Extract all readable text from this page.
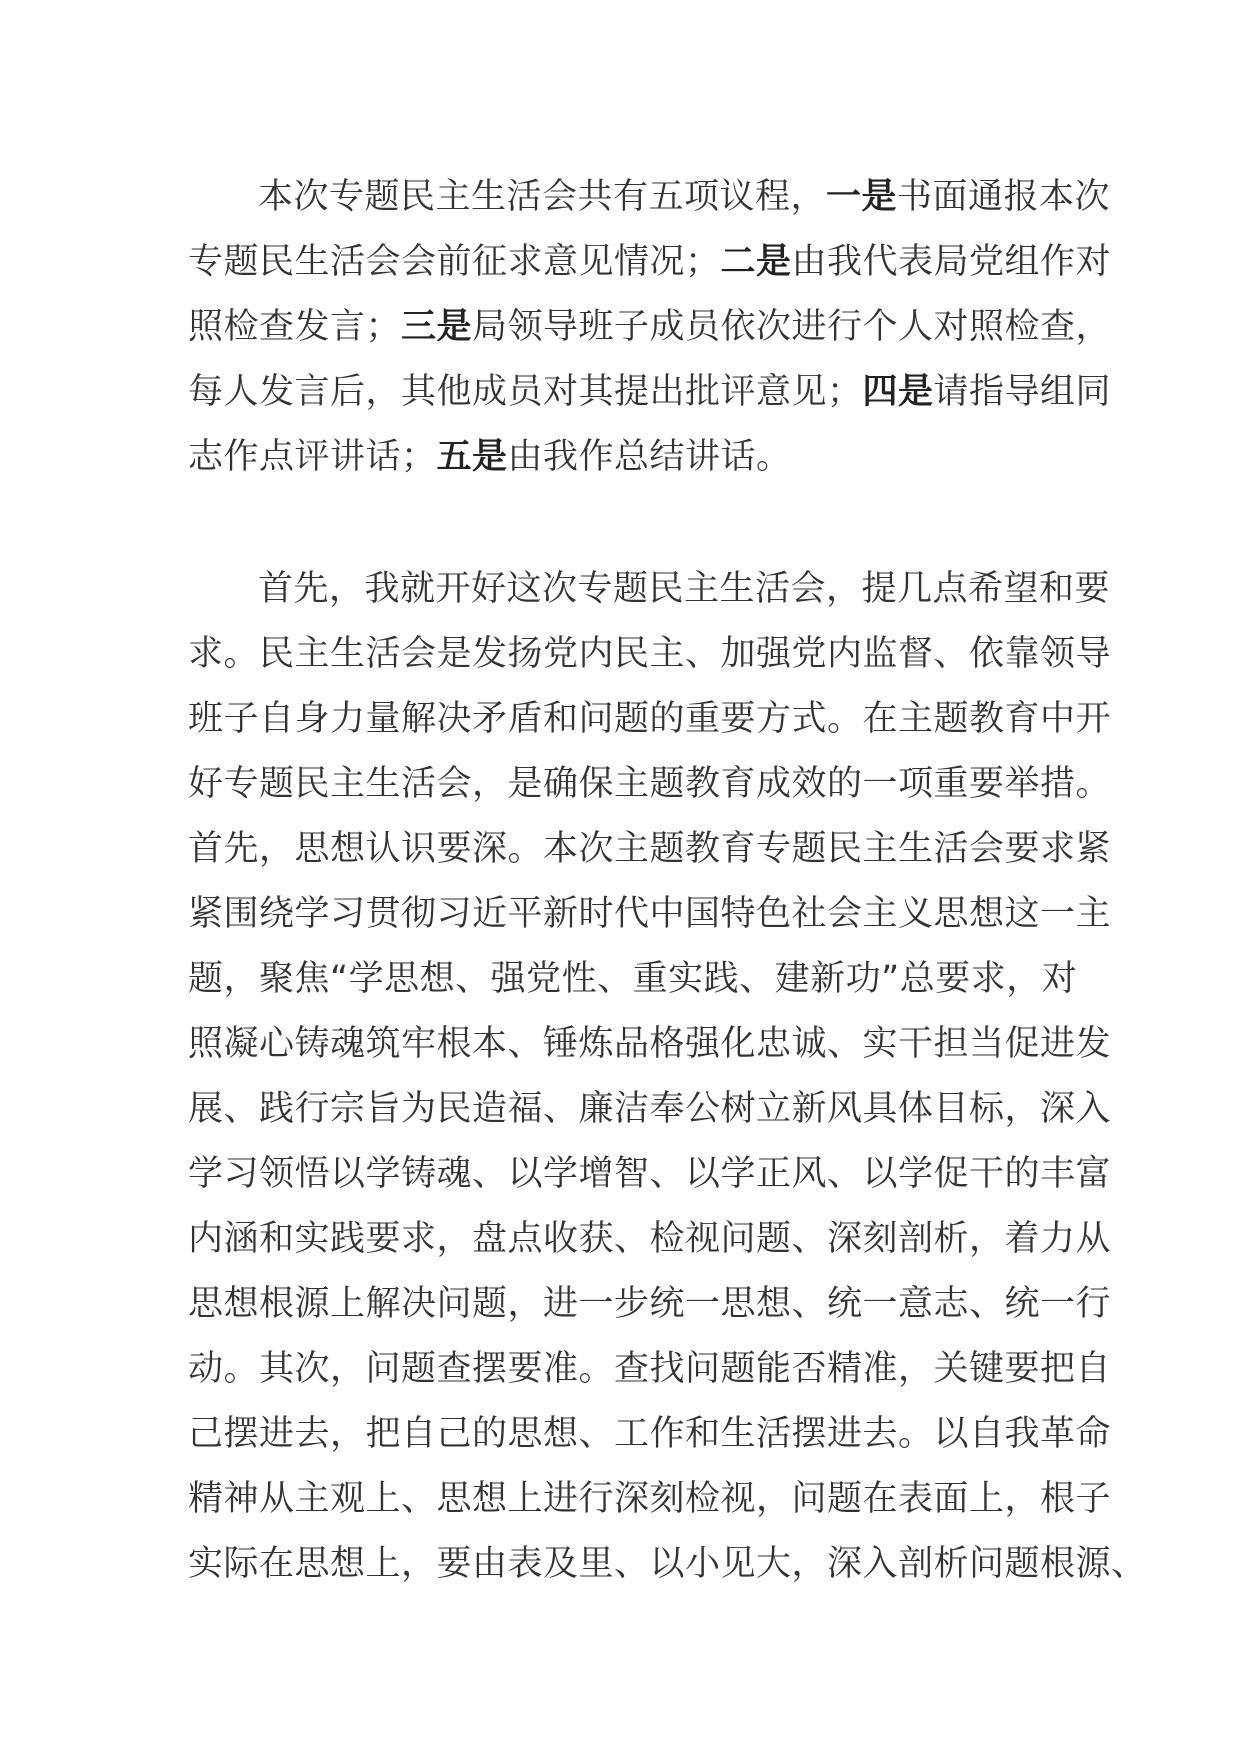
本次专题民主生活会共有五项议程，一是书面通报本次
专题民生活会会前征求意见情况；二是由我代表局党组作对
照检查发言；三是局领导班子成员依次进行个人对照检查，
每人发言后，其他成员对其提出批评意见；四是请指导组同
志作点评讲话；五是由我作总结讲话。
首先，我就开好这次专题民主生活会，提几点希望和要
求。民主生活会是发扬党内民主、加强党内监督、依靠领导
班子自身力量解决矛盾和问题的重要方式。在主题教育中开
好专题民主生活会，是确保主题教育成效的一项重要举措。
首先，思想认识要深。本次主题教育专题民主生活会要求紧
紧围绕学习贯彻习近平新时代中国特色社会主义思想这一主
题，聚焦“学思想、强党性、重实践、建新功”总要求，对
照凝心铸魂筑牢根本、锤炼品格强化忠诚、实干担当促进发
展、践行宗旨为民造福、廉洁奉公树立新风具体目标，深入
学习领悟以学铸魂、以学增智、以学正风、以学促干的丰富
内涵和实践要求，盘点收获、检视问题、深刻剖析，着力从
思想根源上解决问题，进一步统一思想、统一意志、统一行
动。其次，问题查摆要准。查找问题能否精准，关键要把自
己摆进去，把自己的思想、工作和生活摆进去。以自我革命
精神从主观上、思想上进行深刻检视，问题在表面上，根子
实际在思想上，要由表及里、以小见大，深入剖析问题根源、
